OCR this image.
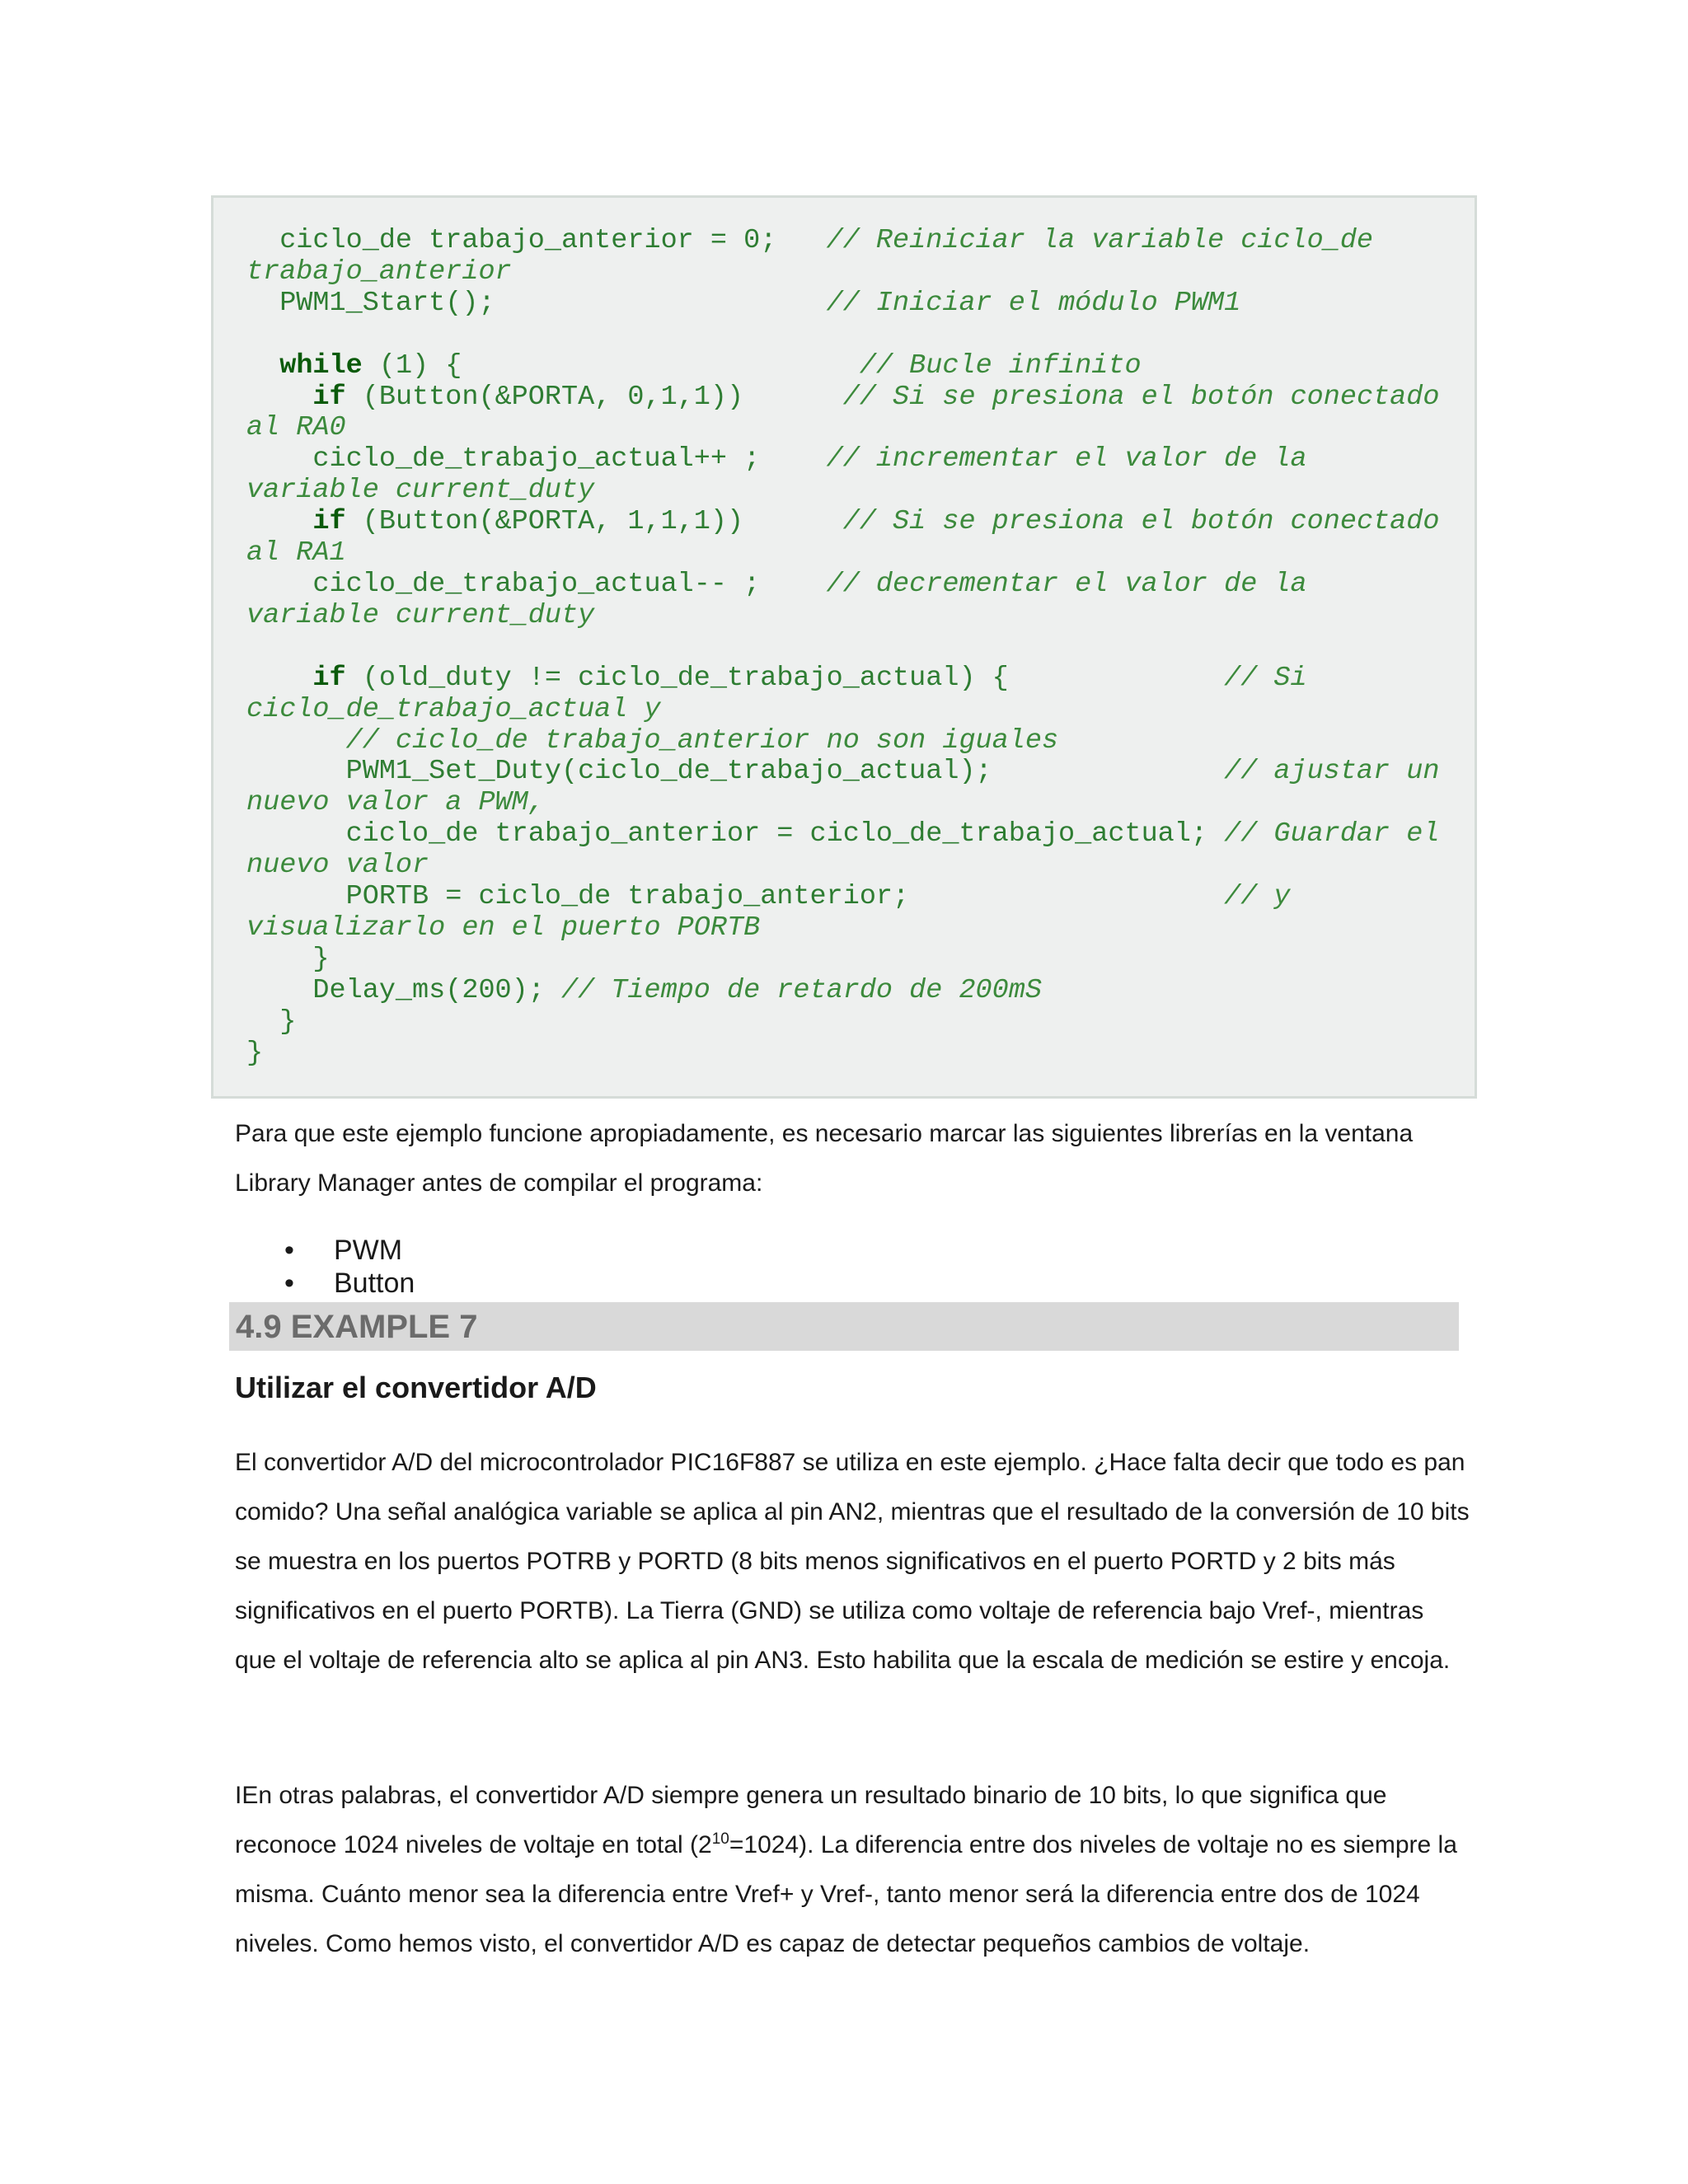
ciclo_de trabajo_anterior = 0;   // Reiniciar la variable ciclo_de
trabajo_anterior
PWM1_Start();                    // Iniciar el módulo PWM1

while (1) {                        // Bucle infinito
if (Button(&PORTA, 0,1,1))      // Si se presiona el botón conectado
al RA0
ciclo_de_trabajo_actual++ ;    // incrementar el valor de la
variable current_duty
if (Button(&PORTA, 1,1,1))      // Si se presiona el botón conectado
al RA1
ciclo_de_trabajo_actual-- ;    // decrementar el valor de la
variable current_duty

if (old_duty != ciclo_de_trabajo_actual) {             // Si
ciclo_de_trabajo_actual y
// ciclo_de trabajo_anterior no son iguales
PWM1_Set_Duty(ciclo_de_trabajo_actual);              // ajustar un
nuevo valor a PWM,
ciclo_de trabajo_anterior = ciclo_de_trabajo_actual; // Guardar el
nuevo valor
PORTB = ciclo_de trabajo_anterior;                   // y
visualizarlo en el puerto PORTB
}
Delay_ms(200); // Tiempo de retardo de 200mS
}
}

Para que este ejemplo funcione apropiadamente, es necesario marcar las siguientes librerías en la ventana Library Manager antes de compilar el programa:

• PWM
• Button
4.9 EXAMPLE 7
Utilizar el convertidor A/D

El convertidor A/D del microcontrolador PIC16F887 se utiliza en este ejemplo. ¿Hace falta decir que todo es pan comido? Una señal analógica variable se aplica al pin AN2, mientras que el resultado de la conversión de 10 bits se muestra en los puertos POTRB y PORTD (8 bits menos significativos en el puerto PORTD y 2 bits más significativos en el puerto PORTB). La Tierra (GND) se utiliza como voltaje de referencia bajo Vref-, mientras que el voltaje de referencia alto se aplica al pin AN3. Esto habilita que la escala de medición se estire y encoja.

IEn otras palabras, el convertidor A/D siempre genera un resultado binario de 10 bits, lo que significa que reconoce 1024 niveles de voltaje en total $(2^{10}=1024)$. La diferencia entre dos niveles de voltaje no es siempre la misma. Cuánto menor sea la diferencia entre Vref+ y Vref-, tanto menor será la diferencia entre dos de 1024 niveles. Como hemos visto, el convertidor A/D es capaz de detectar pequeños cambios de voltaje.
